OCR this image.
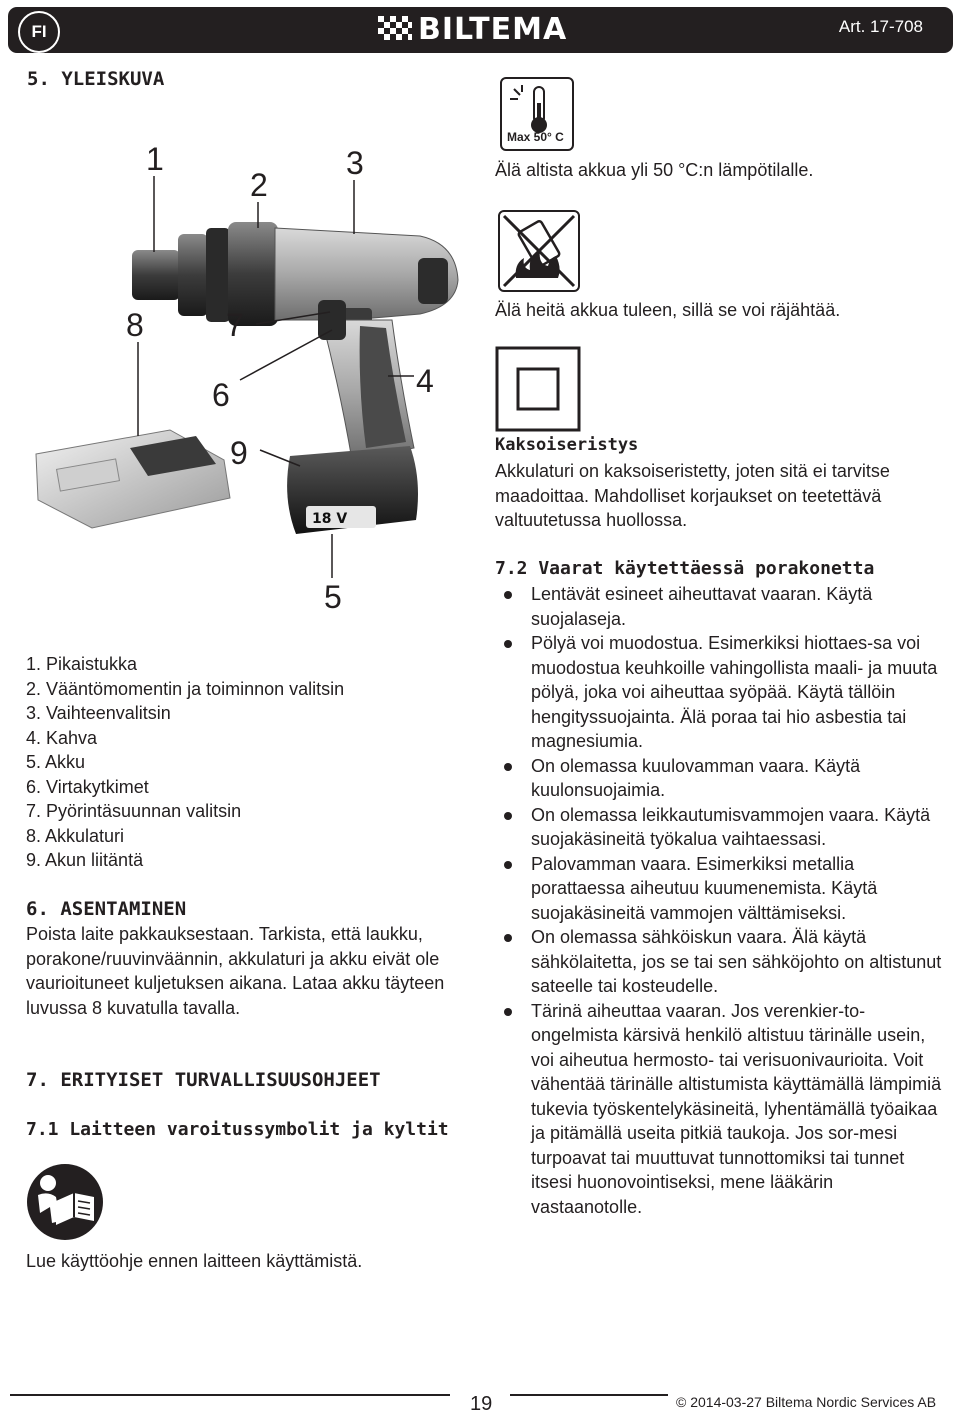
FI	BILTEMA	Art. 17-708
5. YLEISKUVA
18 V
1
2
3
4
5
6
7
8
9
1. Pikaistukka
2. Vääntömomentin ja toiminnon valitsin
3. Vaihteenvalitsin
4. Kahva
5. Akku
6. Virtakytkimet
7. Pyörintäsuunnan valitsin
8. Akkulaturi
9. Akun liitäntä
6. ASENTAMINEN
Poista laite pakkauksestaan. Tarkista, että laukku, porakone/ruuvinväännin, akkulaturi ja akku eivät ole vaurioituneet kuljetuksen aikana. Lataa akku täyteen luvussa 8 kuvatulla tavalla.
7. ERITYISET TURVALLISUUSOHJEET
7.1 Laitteen varoitussymbolit ja kyltit
Lue käyttöohje ennen laitteen käyttämistä.
Max 50° C
Älä altista akkua yli 50 °C:n lämpötilalle.
Älä heitä akkua tuleen, sillä se voi räjähtää.
Kaksoiseristys
Akkulaturi on kaksoiseristetty, joten sitä ei tarvitse maadoittaa. Mahdolliset korjaukset on teetettävä valtuutetussa huollossa.
7.2 Vaarat käytettäessä porakonetta
Lentävät esineet aiheuttavat vaaran. Käytä suojalaseja.
Pölyä voi muodostua. Esimerkiksi hiottaes-sa voi muodostua keuhkoille vahingollista maali- ja muuta pölyä, joka voi aiheuttaa syöpää. Käytä tällöin hengityssuojainta. Älä poraa tai hio asbestia tai magnesiumia.
On olemassa kuulovamman vaara. Käytä kuulonsuojaimia.
On olemassa leikkautumisvammojen vaara. Käytä suojakäsineitä työkalua vaihtaessasi.
Palovamman vaara. Esimerkiksi metallia porattaessa aiheutuu kuumenemista. Käytä suojakäsineitä vammojen välttämiseksi.
On olemassa sähköiskun vaara. Älä käytä sähkölaitetta, jos se tai sen sähköjohto on altistunut sateelle tai kosteudelle.
Tärinä aiheuttaa vaaran. Jos verenkier-to-ongelmista kärsivä henkilö altistuu tärinälle usein, voi aiheutua hermosto- tai verisuonivaurioita. Voit vähentää tärinälle altistumista käyttämällä lämpimiä tukevia työskentelykäsineitä, lyhentämällä työaikaa ja pitämällä useita pitkiä taukoja. Jos sor-mesi turpoavat tai muuttuvat tunnottomiksi tai tunnet itsesi huonovointiseksi, mene lääkärin vastaanotolle.
19	© 2014-03-27 Biltema Nordic Services AB
